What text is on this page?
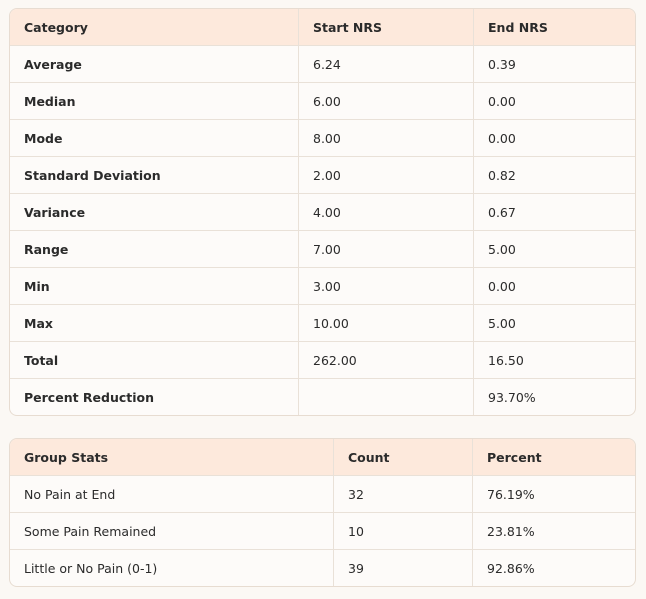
Category	Start NRS	End NRS
Average	6.24	0.39
Median	6.00	0.00
Mode	8.00	0.00
Standard Deviation	2.00	0.82
Variance	4.00	0.67
Range	7.00	5.00
Min	3.00	0.00
Max	10.00	5.00
Total	262.00	16.50
Percent Reduction		93.70%
Group Stats	Count	Percent
No Pain at End	32	76.19%
Some Pain Remained	10	23.81%
Little or No Pain (0-1)	39	92.86%
